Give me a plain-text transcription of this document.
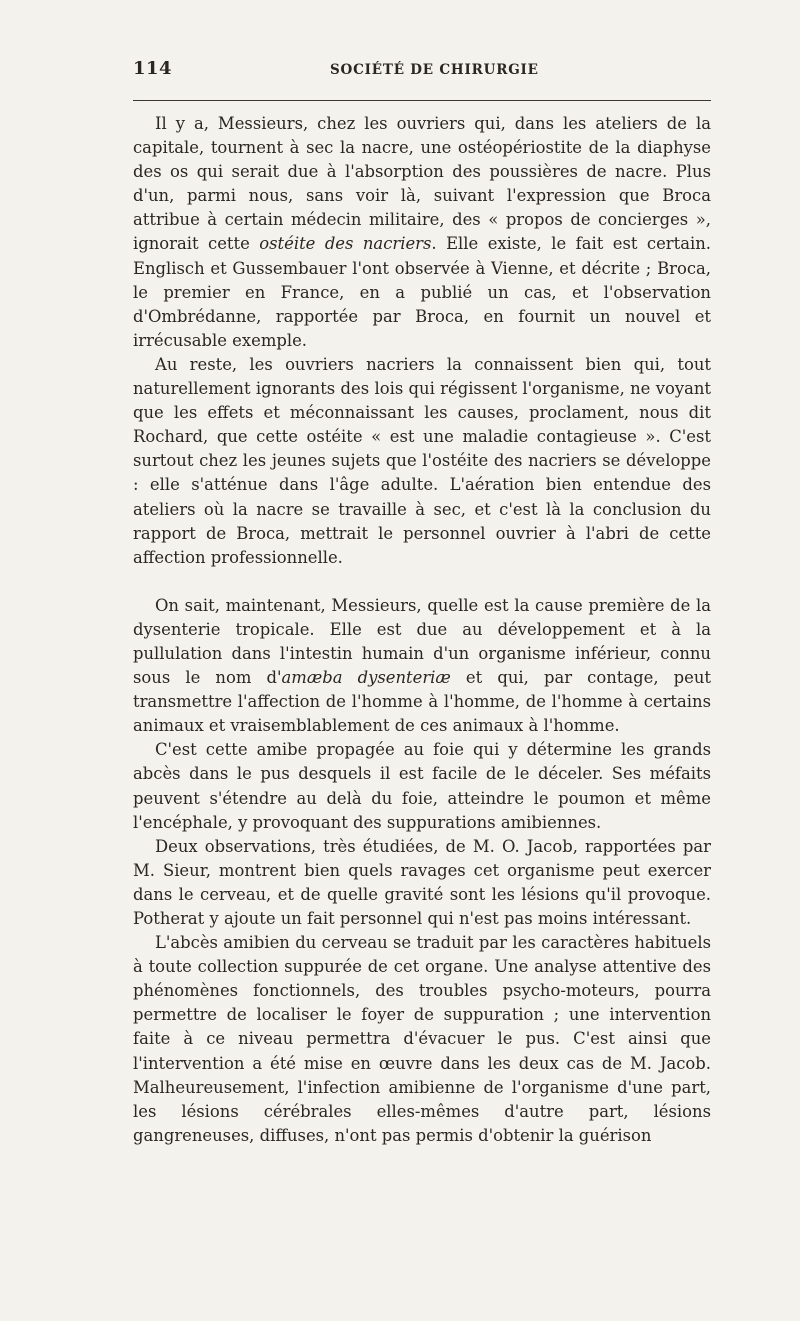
114	SOCIÉTÉ DE CHIRURGIE

Il y a, Messieurs, chez les ouvriers qui, dans les ateliers de la capitale, tournent à sec la nacre, une ostéopériostite de la diaphyse des os qui serait due à l'absorption des poussières de nacre. Plus d'un, parmi nous, sans voir là, suivant l'expression que Broca attribue à certain médecin militaire, des « propos de concierges », ignorait cette ostéite des nacriers. Elle existe, le fait est certain. Englisch et Gussembauer l'ont observée à Vienne, et décrite ; Broca, le premier en France, en a publié un cas, et l'observation d'Ombrédanne, rapportée par Broca, en fournit un nouvel et irrécusable exemple.

Au reste, les ouvriers nacriers la connaissent bien qui, tout naturellement ignorants des lois qui régissent l'organisme, ne voyant que les effets et méconnaissant les causes, proclament, nous dit Rochard, que cette ostéite « est une maladie contagieuse ». C'est surtout chez les jeunes sujets que l'ostéite des nacriers se développe : elle s'atténue dans l'âge adulte. L'aération bien entendue des ateliers où la nacre se travaille à sec, et c'est là la conclusion du rapport de Broca, mettrait le personnel ouvrier à l'abri de cette affection professionnelle.

On sait, maintenant, Messieurs, quelle est la cause première de la dysenterie tropicale. Elle est due au développement et à la pullulation dans l'intestin humain d'un organisme inférieur, connu sous le nom d'amæba dysenteriæ et qui, par contage, peut transmettre l'affection de l'homme à l'homme, de l'homme à certains animaux et vraisemblablement de ces animaux à l'homme.

C'est cette amibe propagée au foie qui y détermine les grands abcès dans le pus desquels il est facile de le déceler. Ses méfaits peuvent s'étendre au delà du foie, atteindre le poumon et même l'encéphale, y provoquant des suppurations amibiennes.

Deux observations, très étudiées, de M. O. Jacob, rapportées par M. Sieur, montrent bien quels ravages cet organisme peut exercer dans le cerveau, et de quelle gravité sont les lésions qu'il provoque. Potherat y ajoute un fait personnel qui n'est pas moins intéressant.

L'abcès amibien du cerveau se traduit par les caractères habituels à toute collection suppurée de cet organe. Une analyse attentive des phénomènes fonctionnels, des troubles psycho-moteurs, pourra permettre de localiser le foyer de suppuration ; une intervention faite à ce niveau permettra d'évacuer le pus. C'est ainsi que l'intervention a été mise en œuvre dans les deux cas de M. Jacob. Malheureusement, l'infection amibienne de l'organisme d'une part, les lésions cérébrales elles-mêmes d'autre part, lésions gangreneuses, diffuses, n'ont pas permis d'obtenir la guérison
